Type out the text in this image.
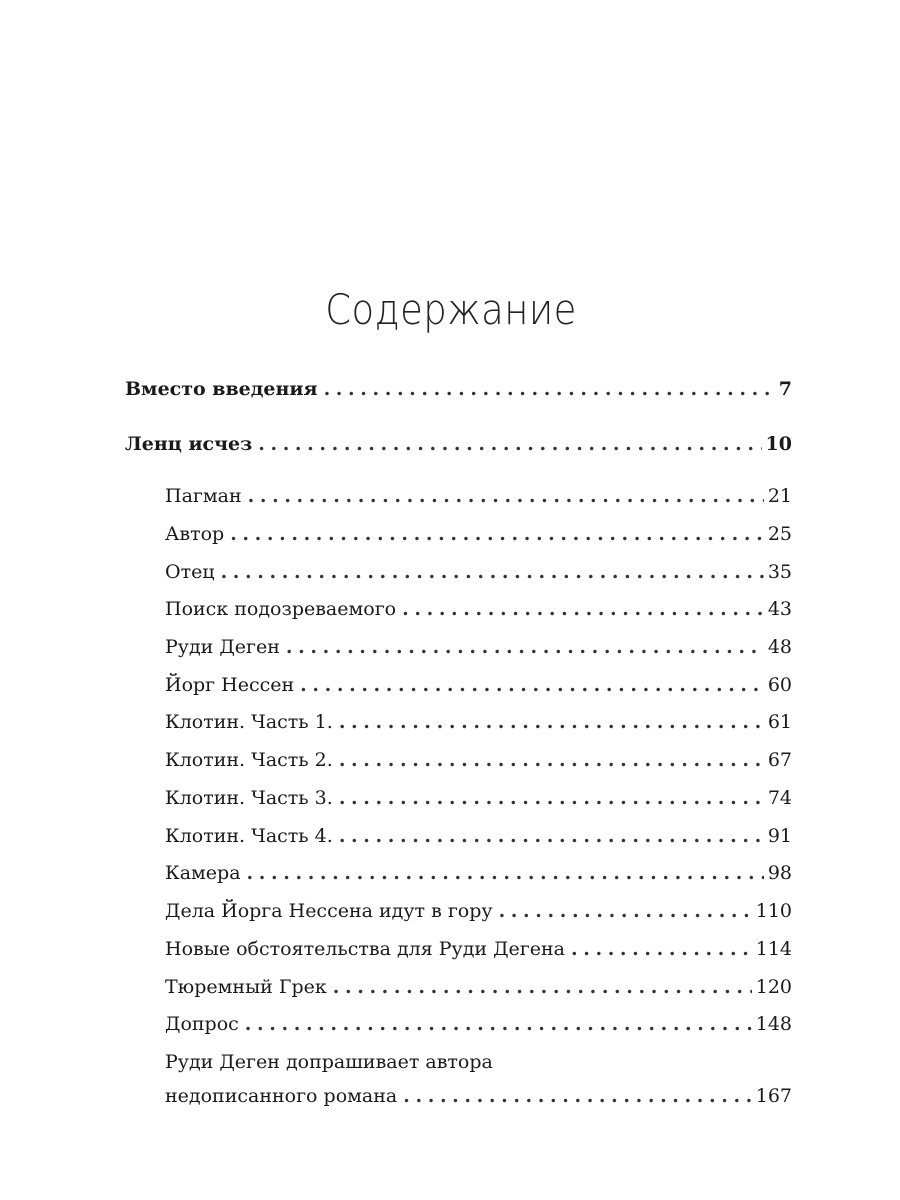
Содержание
Вместо введения . . .	7
Ленц исчез . . .	10
Пагман . . .	21
Автор . . .	25
Отец . . .	35
Поиск подозреваемого . . .	43
Руди Деген . . .	48
Йорг Нессен . . .	60
Клотин. Часть 1. . . .	61
Клотин. Часть 2. . . .	67
Клотин. Часть 3. . . .	74
Клотин. Часть 4. . . .	91
Камера . . .	98
Дела Йорга Нессена идут в гору . . .	110
Новые обстоятельства для Руди Дегена . . .	114
Тюремный Грек . . .	120
Допрос . . .	148
Руди Деген допрашивает автора
недописанного романа . . .	167
